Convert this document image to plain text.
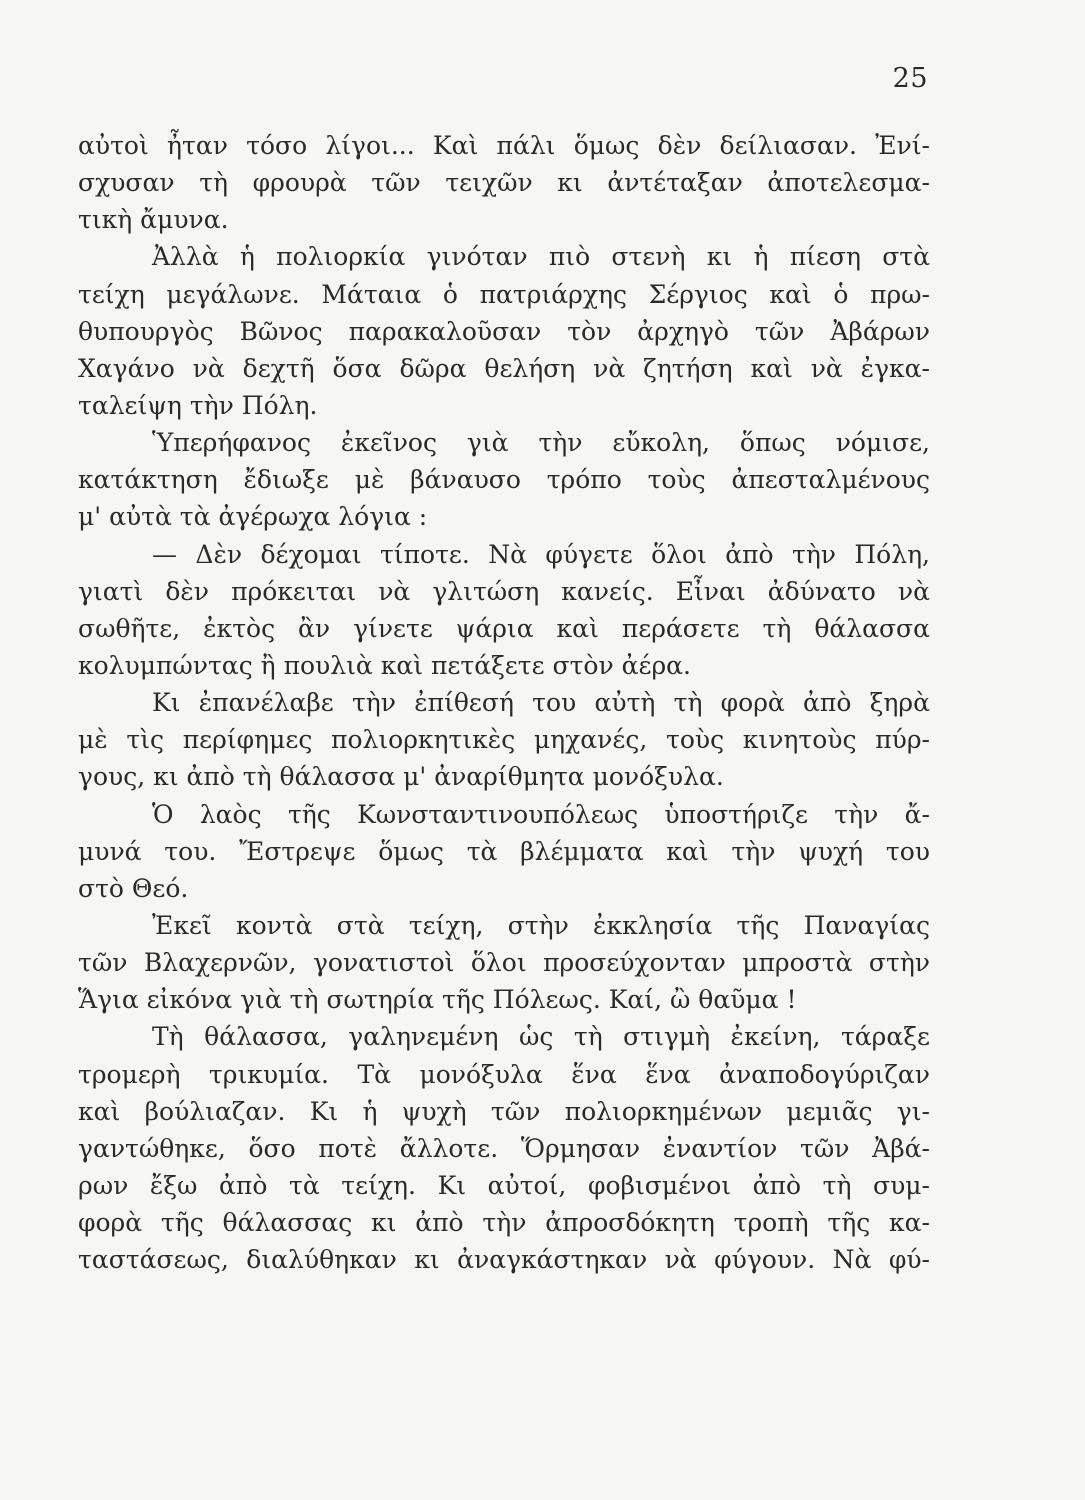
25
αὐτοὶ ἦταν τόσο λίγοι... Καὶ πάλι ὅμως δὲν δείλιασαν. Ἐνί-
σχυσαν τὴ φρουρὰ τῶν τειχῶν κι ἀντέταξαν ἀποτελεσμα-
τικὴ ἄμυνα.
Ἀλλὰ ἡ πολιορκία γινόταν πιὸ στενὴ κι ἡ πίεση στὰ
τείχη μεγάλωνε. Μάταια ὁ πατριάρχης Σέργιος καὶ ὁ πρω-
θυπουργὸς Βῶνος παρακαλοῦσαν τὸν ἀρχηγὸ τῶν Ἀβάρων
Χαγάνο νὰ δεχτῆ ὅσα δῶρα θελήση νὰ ζητήση καὶ νὰ ἐγκα-
ταλείψη τὴν Πόλη.
Ὑπερήφανος ἐκεῖνος γιὰ τὴν εὔκολη, ὅπως νόμισε,
κατάκτηση ἔδιωξε μὲ βάναυσο τρόπο τοὺς ἀπεσταλμένους
μ' αὐτὰ τὰ ἀγέρωχα λόγια :
— Δὲν δέχομαι τίποτε. Νὰ φύγετε ὅλοι ἀπὸ τὴν Πόλη,
γιατὶ δὲν πρόκειται νὰ γλιτώση κανείς. Εἶναι ἀδύνατο νὰ
σωθῆτε, ἐκτὸς ἂν γίνετε ψάρια καὶ περάσετε τὴ θάλασσα
κολυμπώντας ἢ πουλιὰ καὶ πετάξετε στὸν ἀέρα.
Κι ἐπανέλαβε τὴν ἐπίθεσή του αὐτὴ τὴ φορὰ ἀπὸ ξηρὰ
μὲ τὶς περίφημες πολιορκητικὲς μηχανές, τοὺς κινητοὺς πύρ-
γους, κι ἀπὸ τὴ θάλασσα μ' ἀναρίθμητα μονόξυλα.
Ὁ λαὸς τῆς Κωνσταντινουπόλεως ὑποστήριζε τὴν ἄ-
μυνά του. Ἔστρεψε ὅμως τὰ βλέμματα καὶ τὴν ψυχή του
στὸ Θεό.
Ἐκεῖ κοντὰ στὰ τείχη, στὴν ἐκκλησία τῆς Παναγίας
τῶν Βλαχερνῶν, γονατιστοὶ ὅλοι προσεύχονταν μπροστὰ στὴν
Ἅγια εἰκόνα γιὰ τὴ σωτηρία τῆς Πόλεως. Καί, ὢ θαῦμα !
Τὴ θάλασσα, γαληνεμένη ὡς τὴ στιγμὴ ἐκείνη, τάραξε
τρομερὴ τρικυμία. Τὰ μονόξυλα ἕνα ἕνα ἀναποδογύριζαν
καὶ βούλιαζαν. Κι ἡ ψυχὴ τῶν πολιορκημένων μεμιᾶς γι-
γαντώθηκε, ὅσο ποτὲ ἄλλοτε. Ὅρμησαν ἐναντίον τῶν Ἀβά-
ρων ἔξω ἀπὸ τὰ τείχη. Κι αὐτοί, φοβισμένοι ἀπὸ τὴ συμ-
φορὰ τῆς θάλασσας κι ἀπὸ τὴν ἀπροσδόκητη τροπὴ τῆς κα-
ταστάσεως, διαλύθηκαν κι ἀναγκάστηκαν νὰ φύγουν. Νὰ φύ-
